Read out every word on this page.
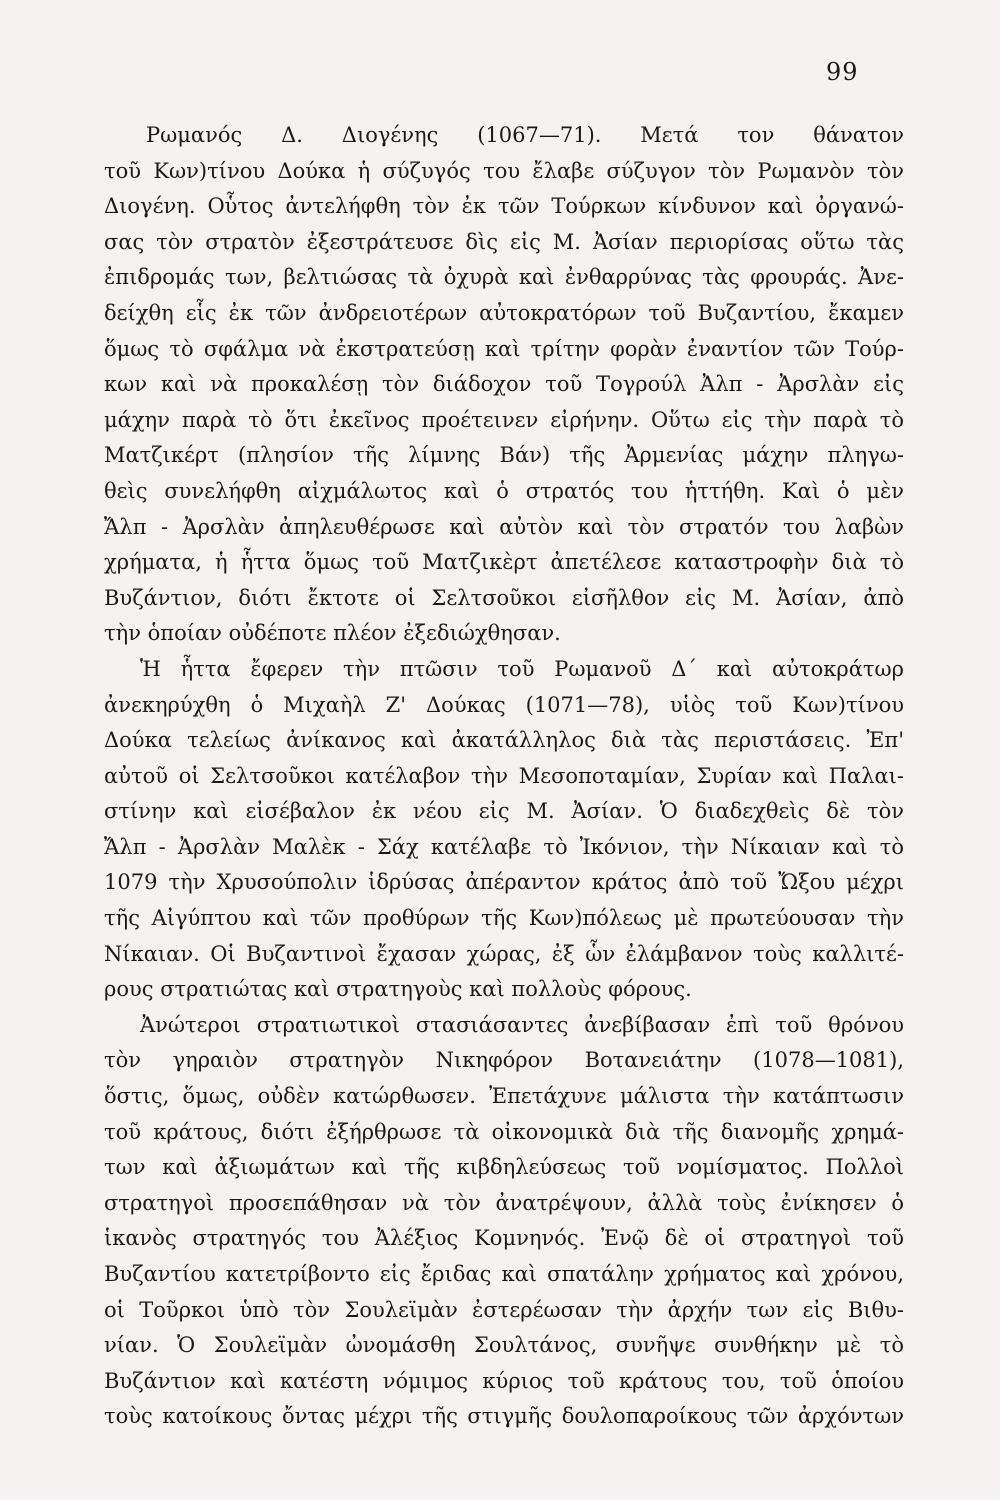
99
Ρωμανός Δ. Διογένης (1067—71). Μετά τον θάνατον
τοῦ Κων)τίνου Δούκα ἡ σύζυγός του ἔλαβε σύζυγον τὸν Ρωμανὸν τὸν
Διογένη. Οὗτος ἀντελήφθη τὸν ἐκ τῶν Τούρκων κίνδυνον καὶ ὀργανώ-
σας τὸν στρατὸν ἐξεστράτευσε δὶς εἰς Μ. Ἀσίαν περιορίσας οὕτω τὰς
ἐπιδρομάς των, βελτιώσας τὰ ὀχυρὰ καὶ ἐνθαρρύνας τὰς φρουράς. Ἀνε-
δείχθη εἷς ἐκ τῶν ἀνδρειοτέρων αὐτοκρατόρων τοῦ Βυζαντίου, ἔκαμεν
ὅμως τὸ σφάλμα νὰ ἐκστρατεύσῃ καὶ τρίτην φορὰν ἐναντίον τῶν Τούρ-
κων καὶ νὰ προκαλέσῃ τὸν διάδοχον τοῦ Τογρούλ Ἀλπ - Ἀρσλὰν εἰς
μάχην παρὰ τὸ ὅτι ἐκεῖνος προέτεινεν εἰρήνην. Οὕτω εἰς τὴν παρὰ τὸ
Ματζικέρτ (πλησίον τῆς λίμνης Βάν) τῆς Ἀρμενίας μάχην πληγω-
θεὶς συνελήφθη αἰχμάλωτος καὶ ὁ στρατός του ἡττήθη. Καὶ ὁ μὲν
Ἄλπ - Ἀρσλὰν ἀπηλευθέρωσε καὶ αὐτὸν καὶ τὸν στρατόν του λαβὼν
χρήματα, ἡ ἧττα ὅμως τοῦ Ματζικὲρτ ἀπετέλεσε καταστροφὴν διὰ τὸ
Βυζάντιον, διότι ἔκτοτε οἱ Σελτσοῦκοι εἰσῆλθον εἰς Μ. Ἀσίαν, ἀπὸ
τὴν ὁποίαν οὐδέποτε πλέον ἐξεδιώχθησαν.
Ἡ ἧττα ἔφερεν τὴν πτῶσιν τοῦ Ρωμανοῦ Δ΄ καὶ αὐτοκράτωρ
ἀνεκηρύχθη ὁ Μιχαὴλ Ζ' Δούκας (1071—78), υἱὸς τοῦ Κων)τίνου
Δούκα τελείως ἀνίκανος καὶ ἀκατάλληλος διὰ τὰς περιστάσεις. Ἐπ'
αὐτοῦ οἱ Σελτσοῦκοι κατέλαβον τὴν Μεσοποταμίαν, Συρίαν καὶ Παλαι-
στίνην καὶ εἰσέβαλον ἐκ νέου εἰς Μ. Ἀσίαν. Ὁ διαδεχθεὶς δὲ τὸν
Ἄλπ - Ἀρσλὰν Μαλὲκ - Σάχ κατέλαβε τὸ Ἰκόνιον, τὴν Νίκαιαν καὶ τὸ
1079 τὴν Χρυσούπολιν ἱδρύσας ἀπέραντον κράτος ἀπὸ τοῦ Ὤξου μέχρι
τῆς Αἰγύπτου καὶ τῶν προθύρων τῆς Κων)πόλεως μὲ πρωτεύουσαν τὴν
Νίκαιαν. Οἱ Βυζαντινοὶ ἔχασαν χώρας, ἐξ ὧν ἐλάμβανον τοὺς καλλιτέ-
ρους στρατιώτας καὶ στρατηγοὺς καὶ πολλοὺς φόρους.
Ἀνώτεροι στρατιωτικοὶ στασιάσαντες ἀνεβίβασαν ἐπὶ τοῦ θρόνου
τὸν γηραιὸν στρατηγὸν Νικηφόρον Βοτανειάτην (1078—1081),
ὅστις, ὅμως, οὐδὲν κατώρθωσεν. Ἐπετάχυνε μάλιστα τὴν κατάπτωσιν
τοῦ κράτους, διότι ἐξήρθρωσε τὰ οἰκονομικὰ διὰ τῆς διανομῆς χρημά-
των καὶ ἀξιωμάτων καὶ τῆς κιβδηλεύσεως τοῦ νομίσματος. Πολλοὶ
στρατηγοὶ προσεπάθησαν νὰ τὸν ἀνατρέψουν, ἀλλὰ τοὺς ἐνίκησεν ὁ
ἱκανὸς στρατηγός του Ἀλέξιος Κομνηνός. Ἐνῷ δὲ οἱ στρατηγοὶ τοῦ
Βυζαντίου κατετρίβοντο εἰς ἔριδας καὶ σπατάλην χρήματος καὶ χρόνου,
οἱ Τοῦρκοι ὑπὸ τὸν Σουλεϊμὰν ἐστερέωσαν τὴν ἀρχήν των εἰς Βιθυ-
νίαν. Ὁ Σουλεϊμὰν ὠνομάσθη Σουλτάνος, συνῆψε συνθήκην μὲ τὸ
Βυζάντιον καὶ κατέστη νόμιμος κύριος τοῦ κράτους του, τοῦ ὁποίου
τοὺς κατοίκους ὄντας μέχρι τῆς στιγμῆς δουλοπαροίκους τῶν ἀρχόντων
